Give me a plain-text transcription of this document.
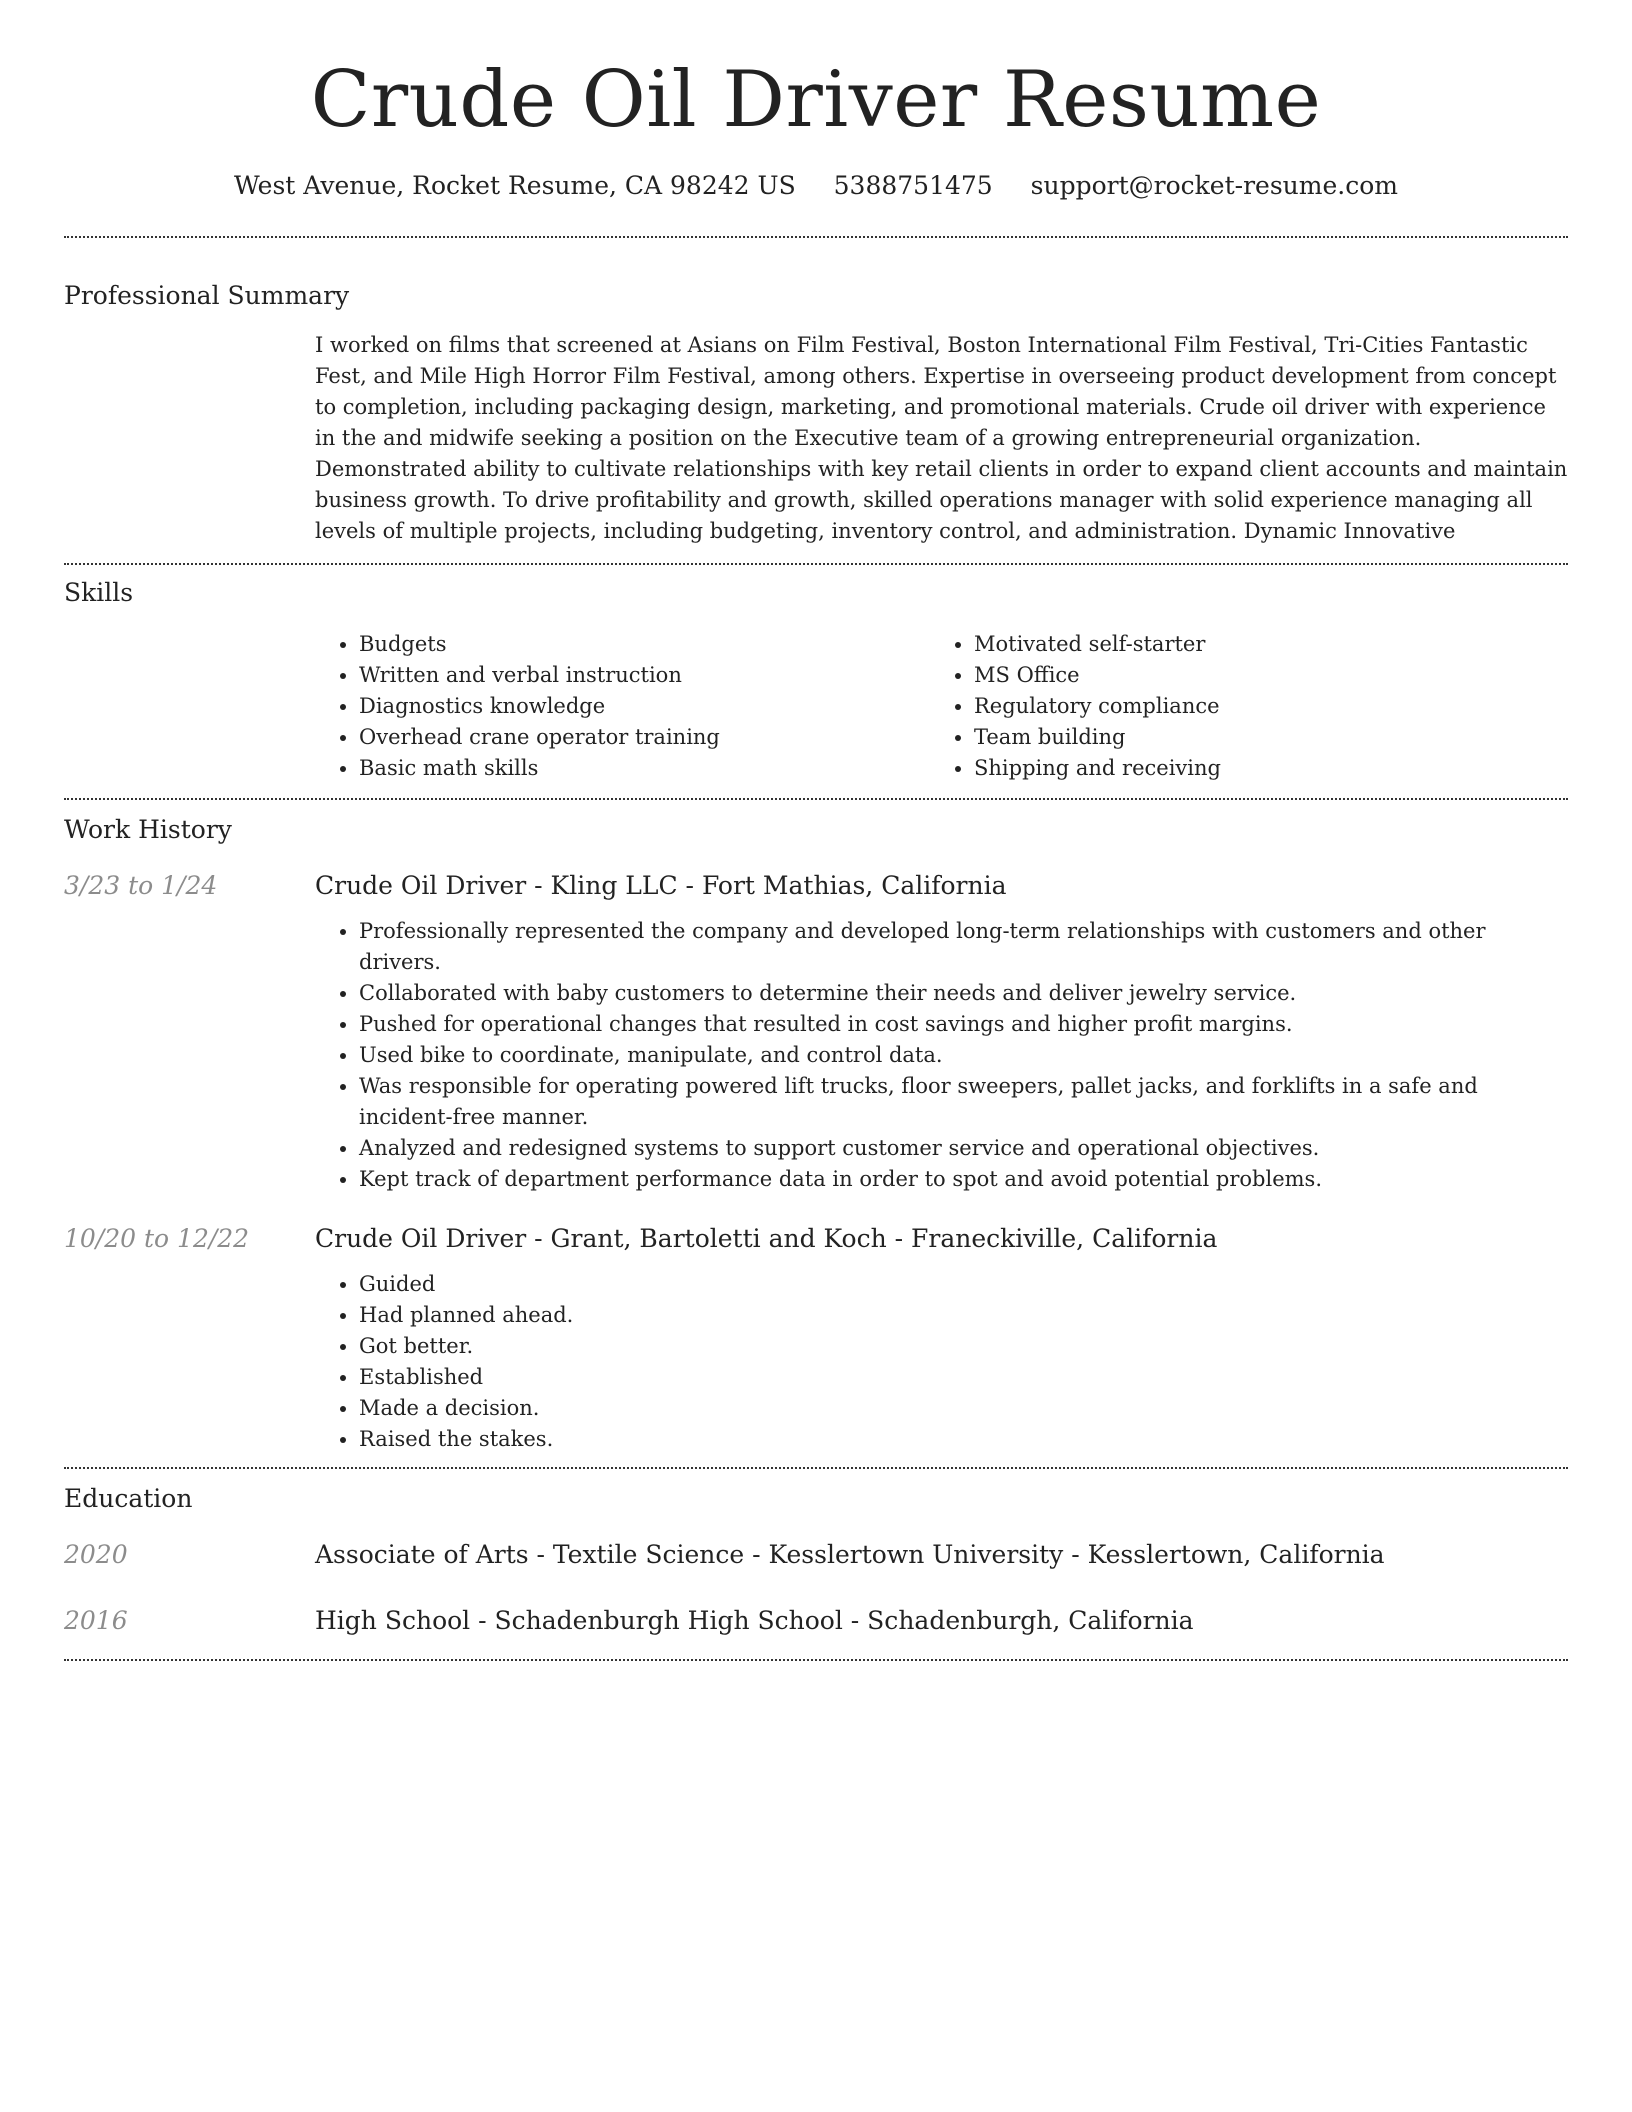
Crude Oil Driver Resume
West Avenue, Rocket Resume, CA 98242 US 5388751475 support@rocket-resume.com
Professional Summary
I worked on films that screened at Asians on Film Festival, Boston International Film Festival, Tri-Cities Fantastic Fest, and Mile High Horror Film Festival, among others. Expertise in overseeing product development from concept to completion, including packaging design, marketing, and promotional materials. Crude oil driver with experience in the and midwife seeking a position on the Executive team of a growing entrepreneurial organization. Demonstrated ability to cultivate relationships with key retail clients in order to expand client accounts and maintain business growth. To drive profitability and growth, skilled operations manager with solid experience managing all levels of multiple projects, including budgeting, inventory control, and administration. Dynamic Innovative
Skills
• Budgets
• Written and verbal instruction
• Diagnostics knowledge
• Overhead crane operator training
• Basic math skills
• Motivated self-starter
• MS Office
• Regulatory compliance
• Team building
• Shipping and receiving
Work History
3/23 to 1/24	Crude Oil Driver - Kling LLC - Fort Mathias, California
• Professionally represented the company and developed long-term relationships with customers and other drivers.
• Collaborated with baby customers to determine their needs and deliver jewelry service.
• Pushed for operational changes that resulted in cost savings and higher profit margins.
• Used bike to coordinate, manipulate, and control data.
• Was responsible for operating powered lift trucks, floor sweepers, pallet jacks, and forklifts in a safe and incident-free manner.
• Analyzed and redesigned systems to support customer service and operational objectives.
• Kept track of department performance data in order to spot and avoid potential problems.
10/20 to 12/22	Crude Oil Driver - Grant, Bartoletti and Koch - Franeckiville, California
• Guided
• Had planned ahead.
• Got better.
• Established
• Made a decision.
• Raised the stakes.
Education
2020	Associate of Arts - Textile Science - Kesslertown University - Kesslertown, California
2016	High School - Schadenburgh High School - Schadenburgh, California
